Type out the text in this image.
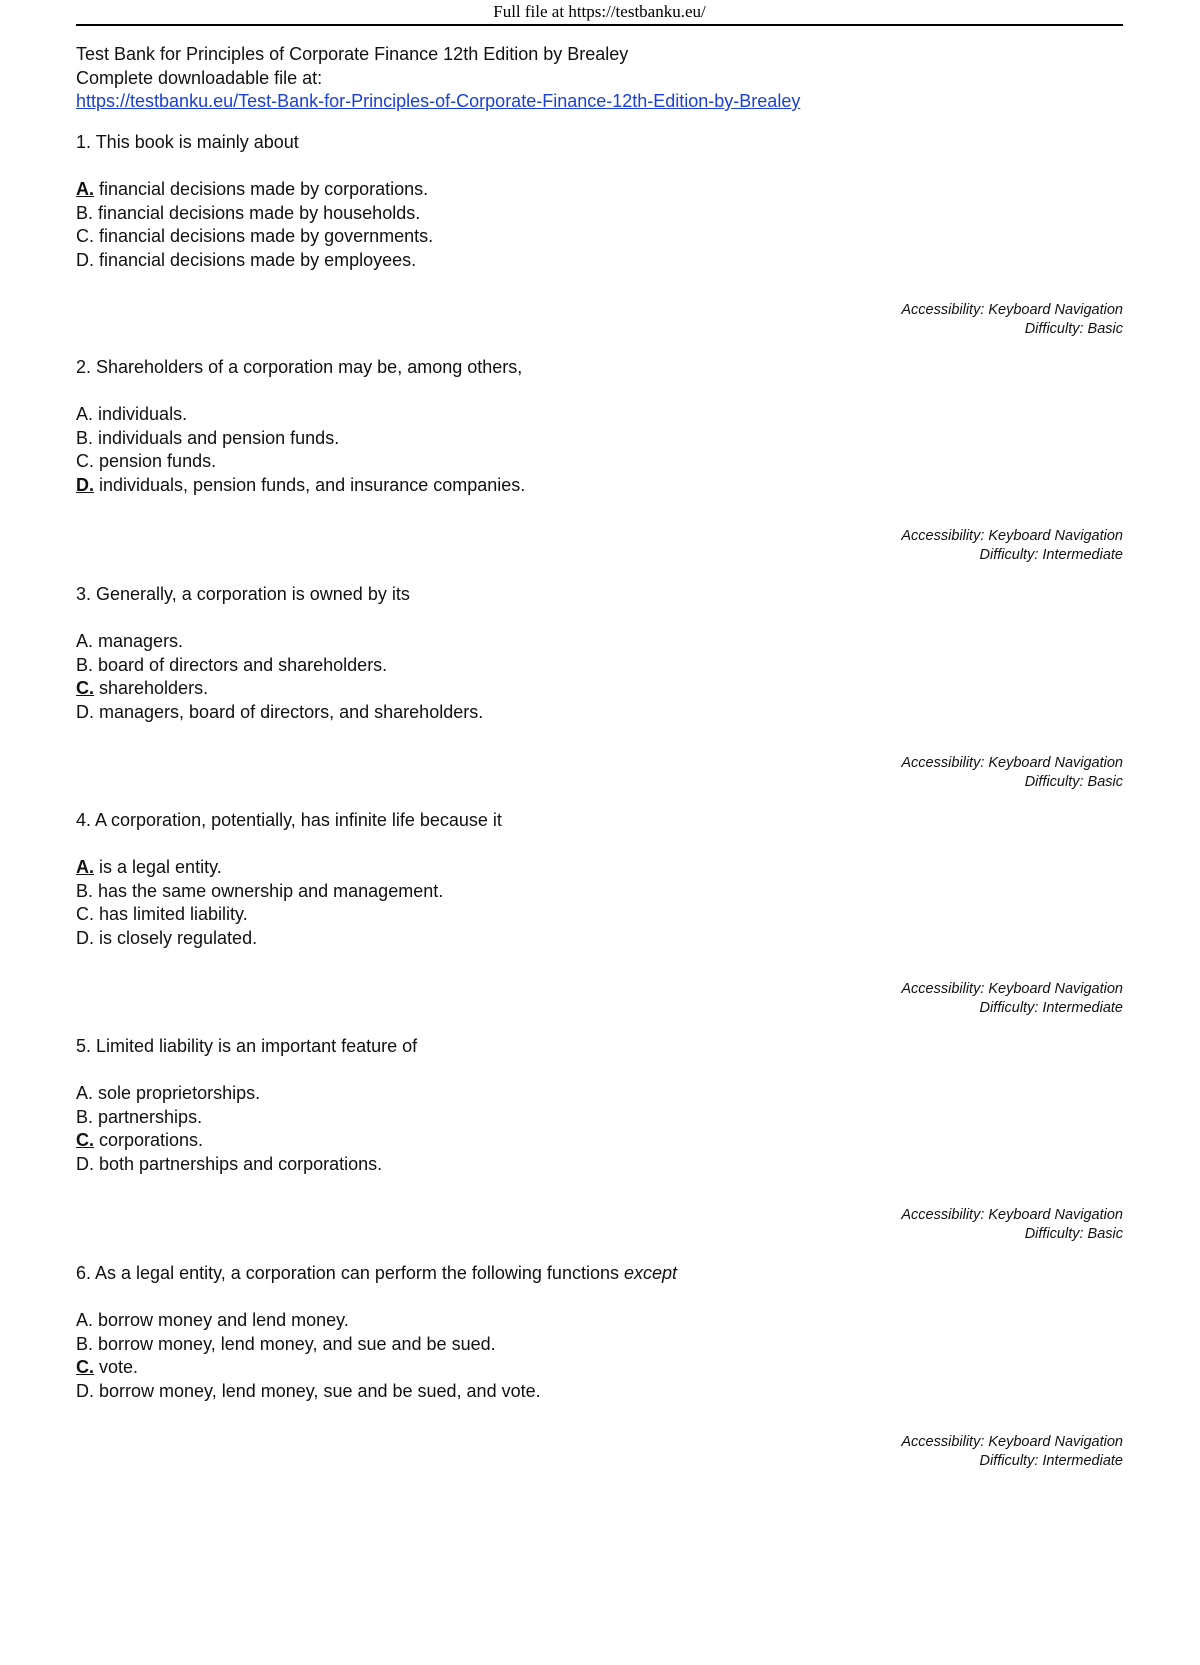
Full file at https://testbanku.eu/
Test Bank for Principles of Corporate Finance 12th Edition by Brealey
Complete downloadable file at:
https://testbanku.eu/Test-Bank-for-Principles-of-Corporate-Finance-12th-Edition-by-Brealey
1. This book is mainly about
A. financial decisions made by corporations.
B. financial decisions made by households.
C. financial decisions made by governments.
D. financial decisions made by employees.
Accessibility: Keyboard Navigation
Difficulty: Basic
2. Shareholders of a corporation may be, among others,
A. individuals.
B. individuals and pension funds.
C. pension funds.
D. individuals, pension funds, and insurance companies.
Accessibility: Keyboard Navigation
Difficulty: Intermediate
3. Generally, a corporation is owned by its
A. managers.
B. board of directors and shareholders.
C. shareholders.
D. managers, board of directors, and shareholders.
Accessibility: Keyboard Navigation
Difficulty: Basic
4. A corporation, potentially, has infinite life because it
A. is a legal entity.
B. has the same ownership and management.
C. has limited liability.
D. is closely regulated.
Accessibility: Keyboard Navigation
Difficulty: Intermediate
5. Limited liability is an important feature of
A. sole proprietorships.
B. partnerships.
C. corporations.
D. both partnerships and corporations.
Accessibility: Keyboard Navigation
Difficulty: Basic
6. As a legal entity, a corporation can perform the following functions except
A. borrow money and lend money.
B. borrow money, lend money, and sue and be sued.
C. vote.
D. borrow money, lend money, sue and be sued, and vote.
Accessibility: Keyboard Navigation
Difficulty: Intermediate
